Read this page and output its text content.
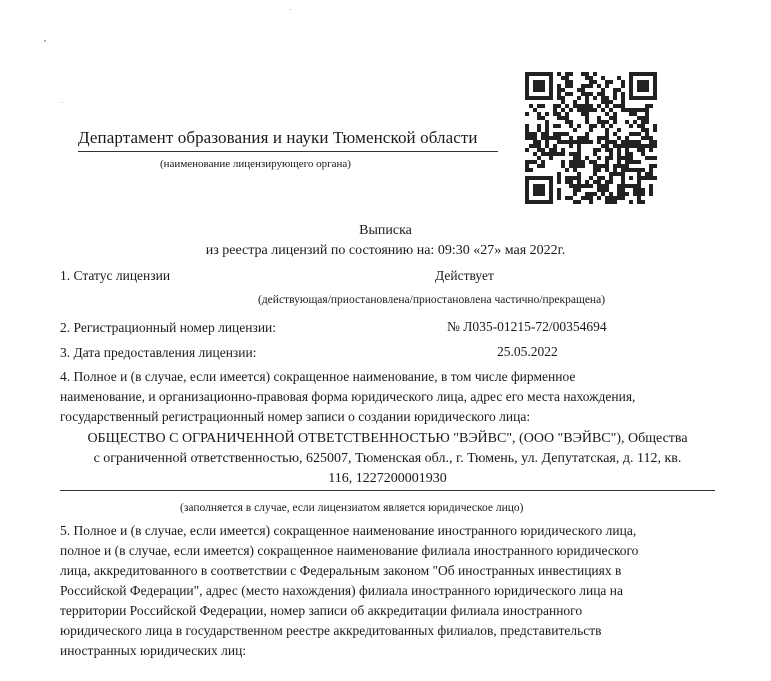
Департамент образования и науки Тюменской области
(наименование лицензирующего органа)
Выписка
из реестра лицензий по состоянию на: 09:30 «27» мая 2022г.
1. Статус лицензии	Действует
(действующая/приостановлена/приостановлена частично/прекращена)
2. Регистрационный номер лицензии:	№ Л035-01215-72/00354694
3. Дата предоставления лицензии:	25.05.2022
4. Полное и (в случае, если имеется) сокращенное наименование, в том числе фирменное
наименование, и организационно-правовая форма юридического лица, адрес его места нахождения,
государственный регистрационный номер записи о создании юридического лица:
ОБЩЕСТВО С ОГРАНИЧЕННОЙ ОТВЕТСТВЕННОСТЬЮ "ВЭЙВС", (ООО "ВЭЙВС"), Общества
с ограниченной ответственностью, 625007, Тюменская обл., г. Тюмень, ул. Депутатская, д. 112, кв.
116, 1227200001930
(заполняется в случае, если лицензиатом является юридическое лицо)
5. Полное и (в случае, если имеется) сокращенное наименование иностранного юридического лица,
полное и (в случае, если имеется) сокращенное наименование филиала иностранного юридического
лица, аккредитованного в соответствии с Федеральным законом "Об иностранных инвестициях в
Российской Федерации", адрес (место нахождения) филиала иностранного юридического лица на
территории Российской Федерации, номер записи об аккредитации филиала иностранного
юридического лица в государственном реестре аккредитованных филиалов, представительств
иностранных юридических лиц:
